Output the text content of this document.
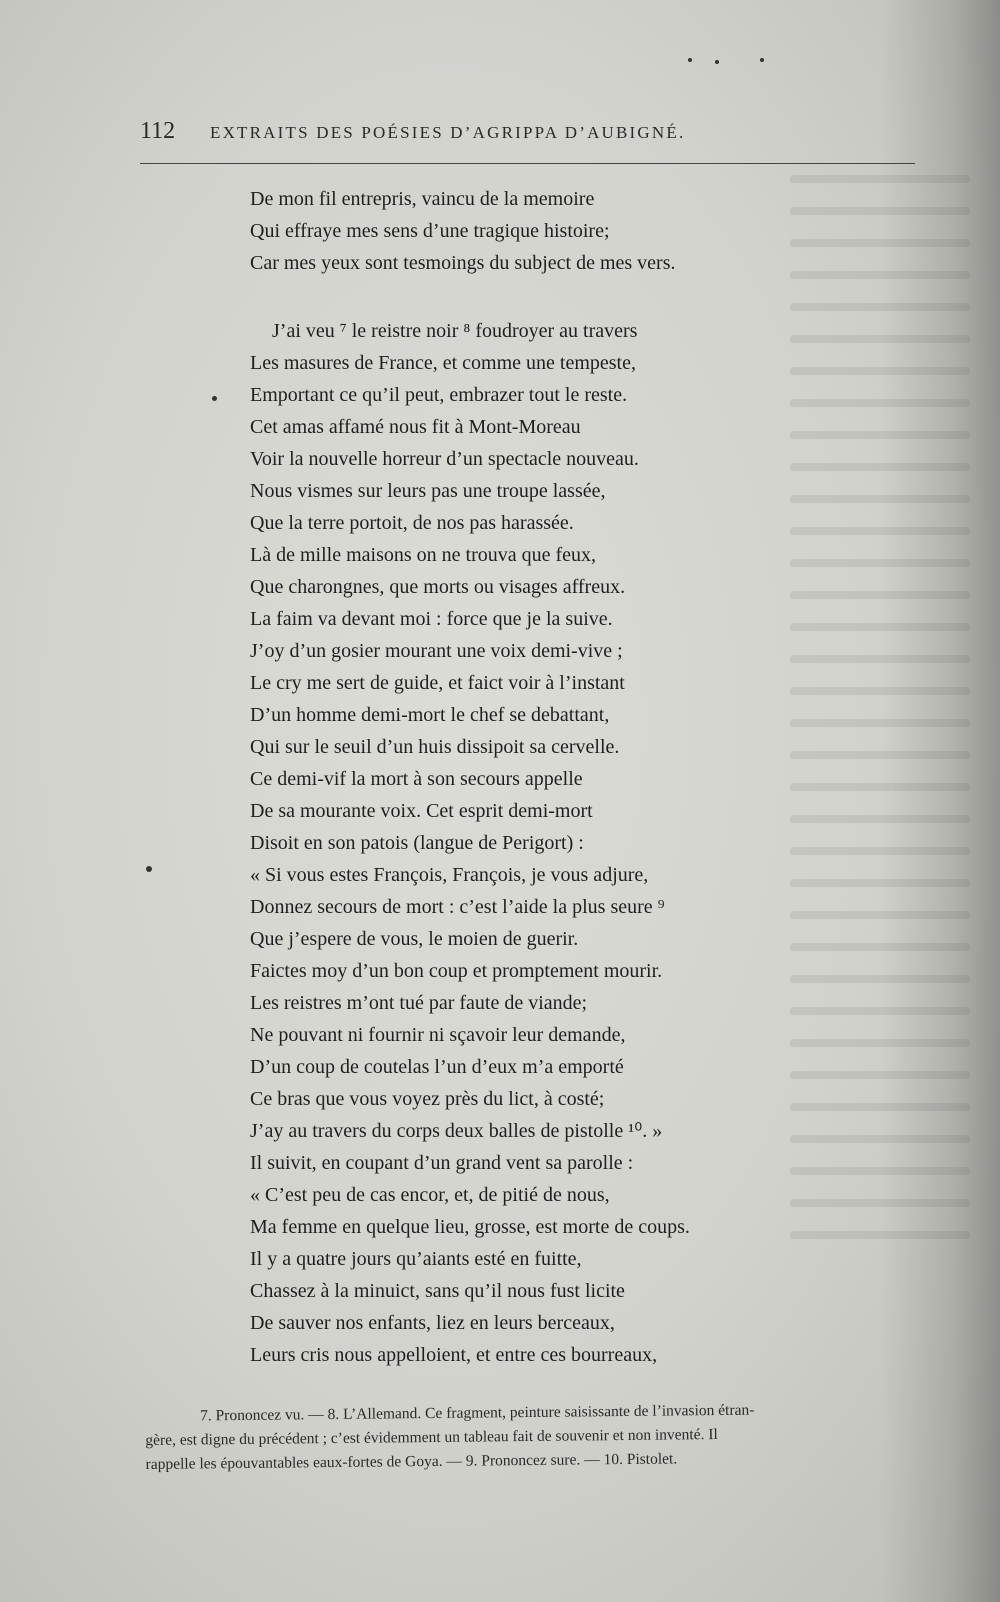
112	EXTRAITS DES POÉSIES D’AGRIPPA D’AUBIGNÉ.
De mon fil entrepris, vaincu de la memoire
Qui effraye mes sens d’une tragique histoire;
Car mes yeux sont tesmoings du subject de mes vers.
J’ai veu ⁷ le reistre noir ⁸ foudroyer au travers
Les masures de France, et comme une tempeste,
Emportant ce qu’il peut, embrazer tout le reste.
Cet amas affamé nous fit à Mont-Moreau
Voir la nouvelle horreur d’un spectacle nouveau.
Nous vismes sur leurs pas une troupe lassée,
Que la terre portoit, de nos pas harassée.
Là de mille maisons on ne trouva que feux,
Que charongnes, que morts ou visages affreux.
La faim va devant moi : force que je la suive.
J’oy d’un gosier mourant une voix demi-vive ;
Le cry me sert de guide, et faict voir à l’instant
D’un homme demi-mort le chef se debattant,
Qui sur le seuil d’un huis dissipoit sa cervelle.
Ce demi-vif la mort à son secours appelle
De sa mourante voix. Cet esprit demi-mort
Disoit en son patois (langue de Perigort) :
« Si vous estes François, François, je vous adjure,
Donnez secours de mort : c’est l’aide la plus seure ⁹
Que j’espere de vous, le moien de guerir.
Faictes moy d’un bon coup et promptement mourir.
Les reistres m’ont tué par faute de viande;
Ne pouvant ni fournir ni sçavoir leur demande,
D’un coup de coutelas l’un d’eux m’a emporté
Ce bras que vous voyez près du lict, à costé;
J’ay au travers du corps deux balles de pistolle ¹⁰. »
Il suivit, en coupant d’un grand vent sa parolle :
« C’est peu de cas encor, et, de pitié de nous,
Ma femme en quelque lieu, grosse, est morte de coups.
Il y a quatre jours qu’aiants esté en fuitte,
Chassez à la minuict, sans qu’il nous fust licite
De sauver nos enfants, liez en leurs berceaux,
Leurs cris nous appelloient, et entre ces bourreaux,
7. Prononcez vu. — 8. L’Allemand. Ce fragment, peinture saisissante de l’invasion étran-
gère, est digne du précédent ; c’est évidemment un tableau fait de souvenir et non inventé. Il
rappelle les épouvantables eaux-fortes de Goya. — 9. Prononcez sure. — 10. Pistolet.
